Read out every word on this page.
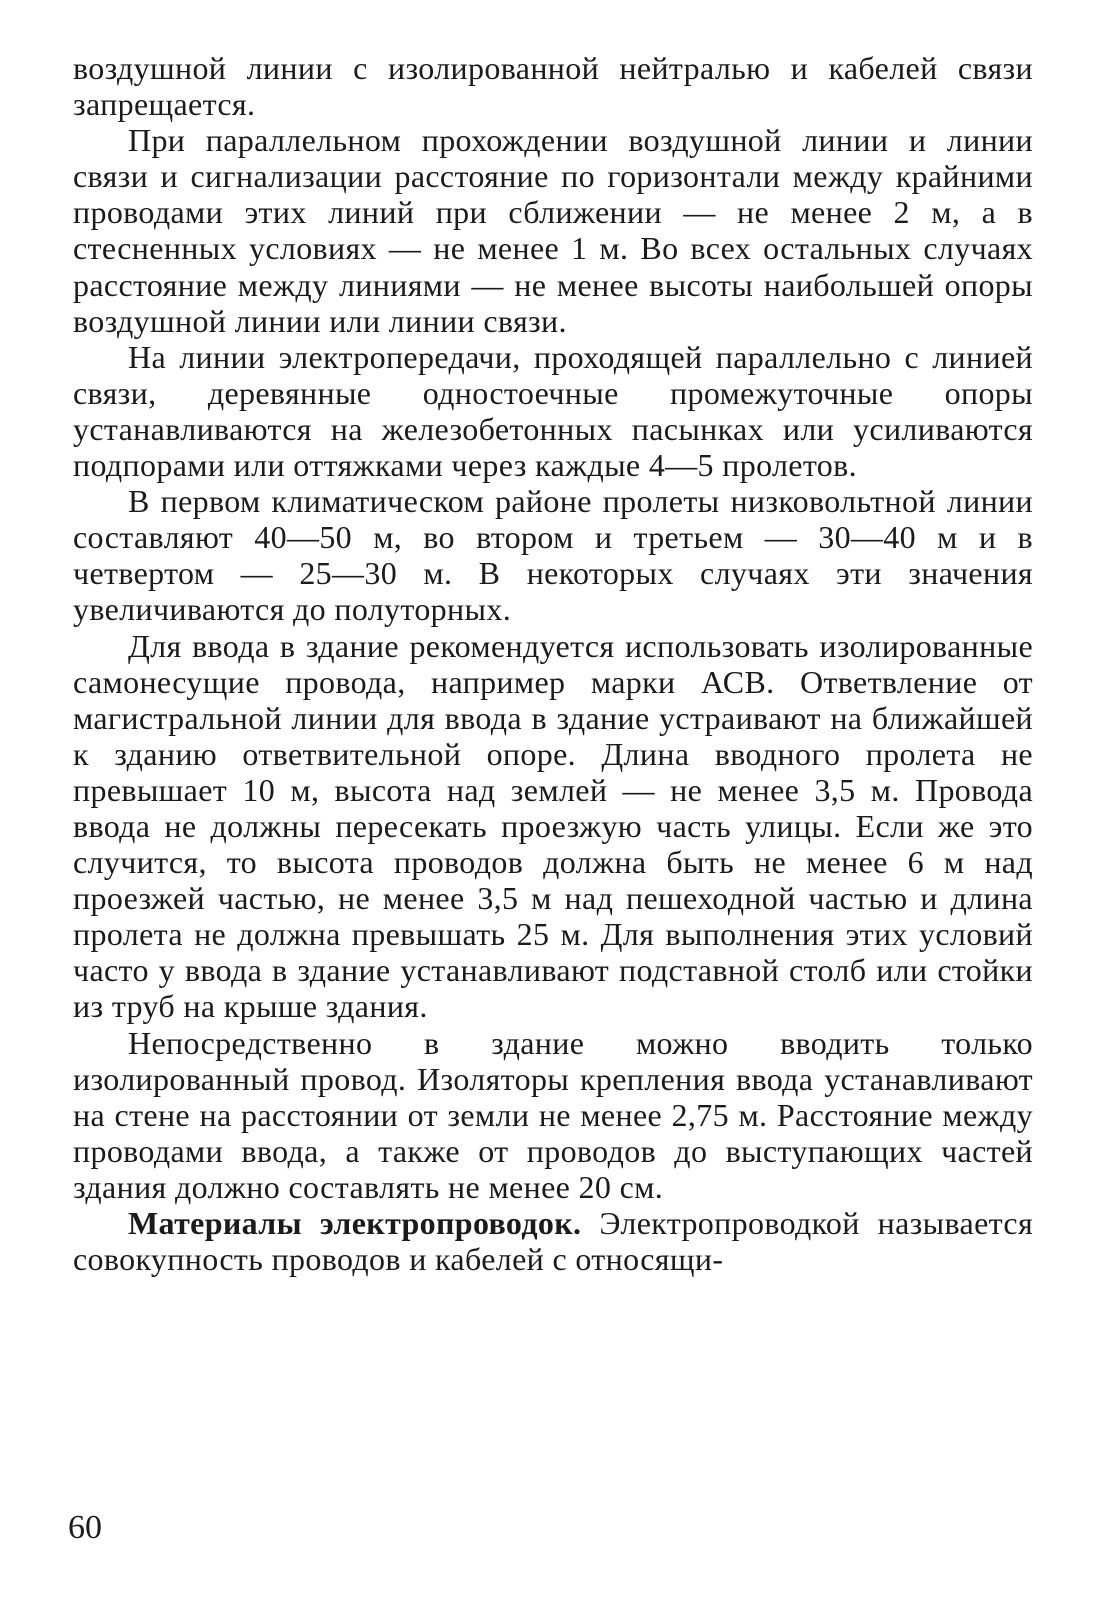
воздушной линии с изолированной нейтралью и кабелей связи запрещается.

При параллельном прохождении воздушной линии и линии связи и сигнализации расстояние по горизонтали между крайними проводами этих линий при сближении — не менее 2 м, а в стесненных условиях — не менее 1 м. Во всех остальных случаях расстояние между линиями — не менее высоты наибольшей опоры воздушной линии или линии связи.

На линии электропередачи, проходящей параллельно с линией связи, деревянные одностоечные промежуточные опоры устанавливаются на железобетонных пасынках или усиливаются подпорами или оттяжками через каждые 4—5 пролетов.

В первом климатическом районе пролеты низковольтной линии составляют 40—50 м, во втором и третьем — 30—40 м и в четвертом — 25—30 м. В некоторых случаях эти значения увеличиваются до полуторных.

Для ввода в здание рекомендуется использовать изолированные самонесущие провода, например марки АСВ. Ответвление от магистральной линии для ввода в здание устраивают на ближайшей к зданию ответвительной опоре. Длина вводного пролета не превышает 10 м, высота над землей — не менее 3,5 м. Провода ввода не должны пересекать проезжую часть улицы. Если же это случится, то высота проводов должна быть не менее 6 м над проезжей частью, не менее 3,5 м над пешеходной частью и длина пролета не должна превышать 25 м. Для выполнения этих условий часто у ввода в здание устанавливают подставной столб или стойки из труб на крыше здания.

Непосредственно в здание можно вводить только изолированный провод. Изоляторы крепления ввода устанавливают на стене на расстоянии от земли не менее 2,75 м. Расстояние между проводами ввода, а также от проводов до выступающих частей здания должно составлять не менее 20 см.

Материалы электропроводок. Электропроводкой называется совокупность проводов и кабелей с относящи-

60
